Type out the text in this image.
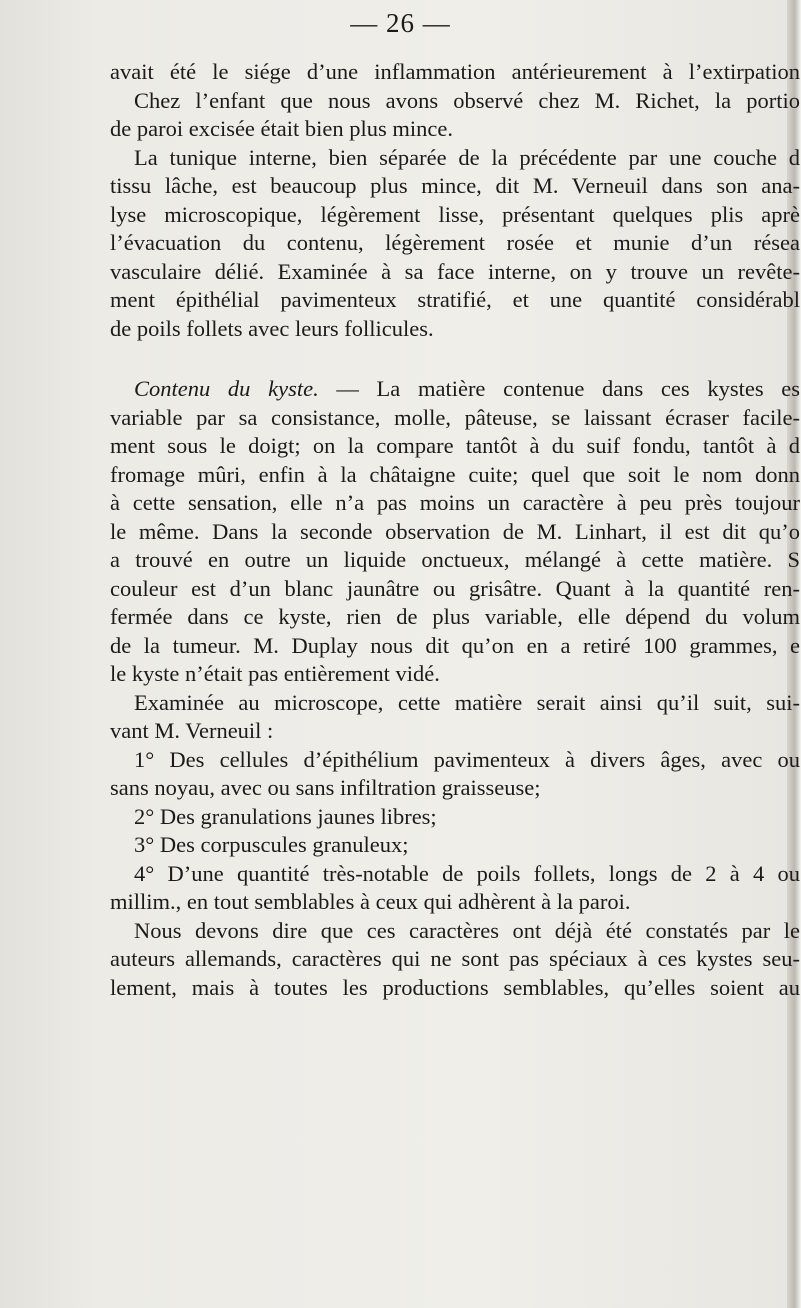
— 26 —
avait été le siége d’une inflammation antérieurement à l’extirpation
Chez l’enfant que nous avons observé chez M. Richet, la portio
de paroi excisée était bien plus mince.
La tunique interne, bien séparée de la précédente par une couche d
tissu lâche, est beaucoup plus mince, dit M. Verneuil dans son ana-
lyse microscopique, légèrement lisse, présentant quelques plis aprè
l’évacuation du contenu, légèrement rosée et munie d’un résea
vasculaire délié. Examinée à sa face interne, on y trouve un revête-
ment épithélial pavimenteux stratifié, et une quantité considérabl
de poils follets avec leurs follicules.
Contenu du kyste. — La matière contenue dans ces kystes es
variable par sa consistance, molle, pâteuse, se laissant écraser facile-
ment sous le doigt; on la compare tantôt à du suif fondu, tantôt à d
fromage mûri, enfin à la châtaigne cuite; quel que soit le nom donn
à cette sensation, elle n’a pas moins un caractère à peu près toujour
le même. Dans la seconde observation de M. Linhart, il est dit qu’o
a trouvé en outre un liquide onctueux, mélangé à cette matière. S
couleur est d’un blanc jaunâtre ou grisâtre. Quant à la quantité ren-
fermée dans ce kyste, rien de plus variable, elle dépend du volum
de la tumeur. M. Duplay nous dit qu’on en a retiré 100 grammes, e
le kyste n’était pas entièrement vidé.
Examinée au microscope, cette matière serait ainsi qu’il suit, sui-
vant M. Verneuil :
1° Des cellules d’épithélium pavimenteux à divers âges, avec ou
sans noyau, avec ou sans infiltration graisseuse;
2° Des granulations jaunes libres;
3° Des corpuscules granuleux;
4° D’une quantité très-notable de poils follets, longs de 2 à 4 ou
millim., en tout semblables à ceux qui adhèrent à la paroi.
Nous devons dire que ces caractères ont déjà été constatés par le
auteurs allemands, caractères qui ne sont pas spéciaux à ces kystes seu-
lement, mais à toutes les productions semblables, qu’elles soient au
